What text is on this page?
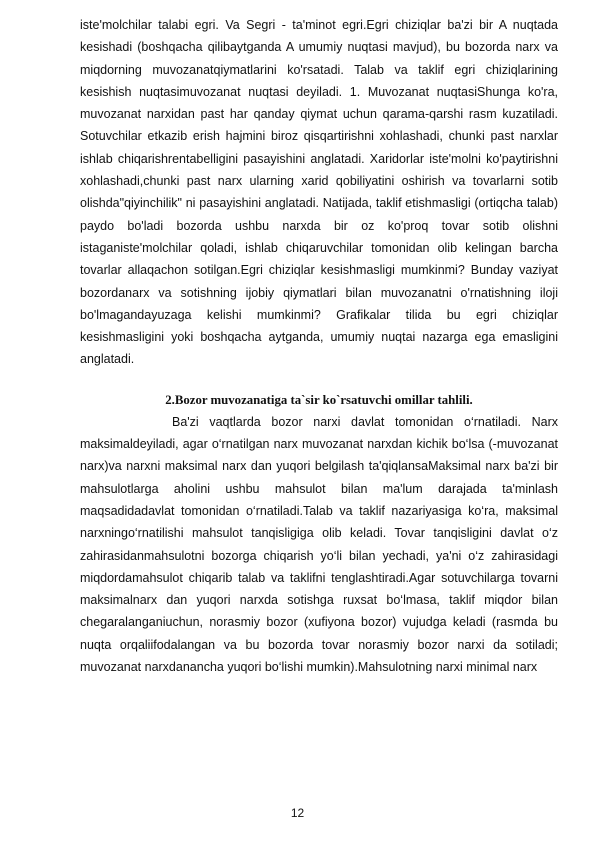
iste'molchilar talabi egri. Va Segri - ta'minot egri.Egri chiziqlar ba'zi bir A nuqtada kesishadi (boshqacha qilibaytganda A umumiy nuqtasi mavjud), bu bozorda narx va miqdorning muvozanatqiymatlarini ko'rsatadi. Talab va taklif egri chiziqlarining kesishish nuqtasimuvozanat nuqtasi deyiladi. 1. Muvozanat nuqtasiShunga ko'ra, muvozanat narxidan past har qanday qiymat uchun qarama-qarshi rasm kuzatiladi. Sotuvchilar etkazib erish hajmini biroz qisqartirishni xohlashadi, chunki past narxlar ishlab chiqarishrentabelligini pasayishini anglatadi. Xaridorlar iste'molni ko'paytirishni xohlashadi,chunki past narx ularning xarid qobiliyatini oshirish va tovarlarni sotib olishda"qiyinchilik" ni pasayishini anglatadi. Natijada, taklif etishmasligi (ortiqcha talab) paydo bo'ladi bozorda ushbu narxda bir oz ko'proq tovar sotib olishni istaganiste'molchilar qoladi, ishlab chiqaruvchilar tomonidan olib kelingan barcha tovarlar allaqachon sotilgan.Egri chiziqlar kesishmasligi mumkinmi? Bunday vaziyat bozordanarx va sotishning ijobiy qiymatlari bilan muvozanatni o'rnatishning iloji bo'lmagandayuzaga kelishi mumkinmi? Grafikalar tilida bu egri chiziqlar kesishmasligini yoki boshqacha aytganda, umumiy nuqtai nazarga ega emasligini anglatadi.

2.Bozor muvozanatiga ta`sir ko`rsatuvchi omillar tahlili.

Ba'zi vaqtlarda bozor narxi davlat tomonidan o‘rnatiladi. Narx maksimaldeyiladi, agar o‘rnatilgan narx muvozanat narxdan kichik bo‘lsa (-muvozanat narx)va narxni maksimal narx dan yuqori belgilash ta'qiqlansaMaksimal narx ba'zi bir mahsulotlarga aholini ushbu mahsulot bilan ma'lum darajada ta'minlash maqsadidadavlat tomonidan o‘rnatiladi.Talab va taklif nazariyasiga ko‘ra, maksimal narxningo‘rnatilishi mahsulot tanqisligiga olib keladi. Tovar tanqisligini davlat o‘z zahirasidanmahsulotni bozorga chiqarish yo‘li bilan yechadi, ya'ni o‘z zahirasidagi miqdordamahsulot chiqarib talab va taklifni tenglashtiradi.Agar sotuvchilarga tovarni maksimalnarx dan yuqori narxda sotishga ruxsat bo‘lmasa, taklif miqdor bilan chegaralanganiuchun, norasmiy bozor (xufiyona bozor) vujudga keladi (rasmda bu nuqta orqaliifodalangan va bu bozorda tovar norasmiy bozor narxi da sotiladi; muvozanat narxdanancha yuqori bo‘lishi mumkin).Mahsulotning narxi minimal narx

12
